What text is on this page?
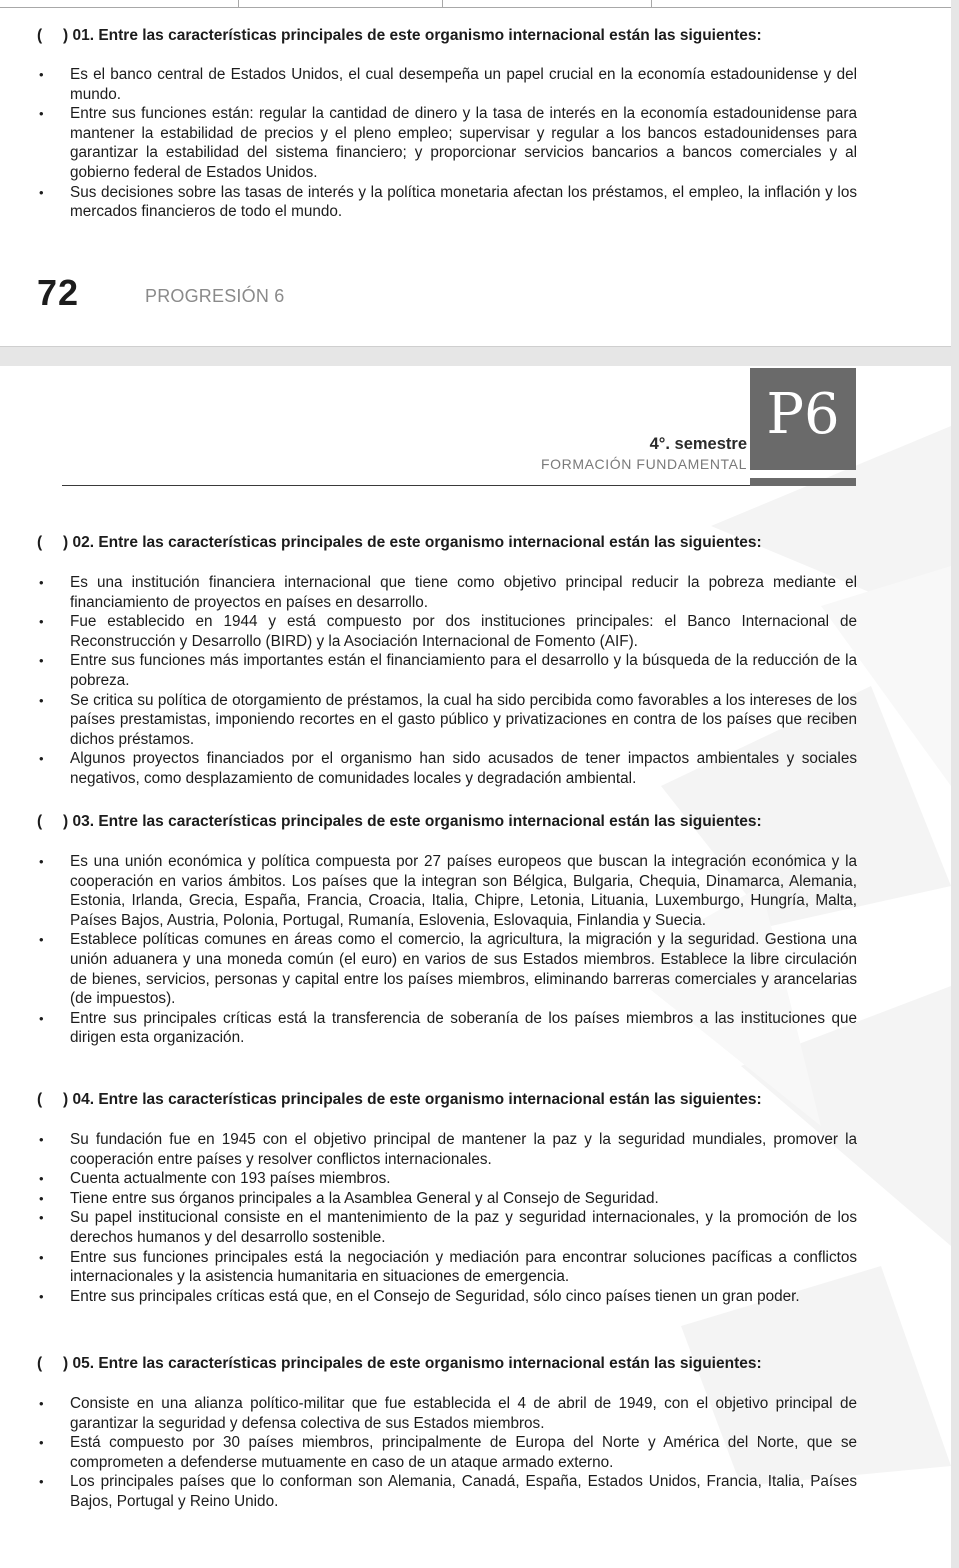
( ) 01. Entre las características principales de este organismo internacional están las siguientes:

• Es el banco central de Estados Unidos, el cual desempeña un papel crucial en la economía estadounidense y del mundo.
• Entre sus funciones están: regular la cantidad de dinero y la tasa de interés en la economía estadounidense para mantener la estabilidad de precios y el pleno empleo; supervisar y regular a los bancos estadounidenses para garantizar la estabilidad del sistema financiero; y proporcionar servicios bancarios a bancos comerciales y al gobierno federal de Estados Unidos.
• Sus decisiones sobre las tasas de interés y la política monetaria afectan los préstamos, el empleo, la inflación y los mercados financieros de todo el mundo.
72	PROGRESIÓN 6
P6
4°. semestre
FORMACIÓN FUNDAMENTAL

( ) 02. Entre las características principales de este organismo internacional están las siguientes:

• Es una institución financiera internacional que tiene como objetivo principal reducir la pobreza mediante el financiamiento de proyectos en países en desarrollo.
• Fue establecido en 1944 y está compuesto por dos instituciones principales: el Banco Internacional de Reconstrucción y Desarrollo (BIRD) y la Asociación Internacional de Fomento (AIF).
• Entre sus funciones más importantes están el financiamiento para el desarrollo y la búsqueda de la reducción de la pobreza.
• Se critica su política de otorgamiento de préstamos, la cual ha sido percibida como favorables a los intereses de los países prestamistas, imponiendo recortes en el gasto público y privatizaciones en contra de los países que reciben dichos préstamos.
• Algunos proyectos financiados por el organismo han sido acusados de tener impactos ambientales y sociales negativos, como desplazamiento de comunidades locales y degradación ambiental.

( ) 03. Entre las características principales de este organismo internacional están las siguientes:

• Es una unión económica y política compuesta por 27 países europeos que buscan la integración económica y la cooperación en varios ámbitos. Los países que la integran son Bélgica, Bulgaria, Chequia, Dinamarca, Alemania, Estonia, Irlanda, Grecia, España, Francia, Croacia, Italia, Chipre, Letonia, Lituania, Luxemburgo, Hungría, Malta, Países Bajos, Austria, Polonia, Portugal, Rumanía, Eslovenia, Eslovaquia, Finlandia y Suecia.
• Establece políticas comunes en áreas como el comercio, la agricultura, la migración y la seguridad. Gestiona una unión aduanera y una moneda común (el euro) en varios de sus Estados miembros. Establece la libre circulación de bienes, servicios, personas y capital entre los países miembros, eliminando barreras comerciales y arancelarias (de impuestos).
• Entre sus principales críticas está la transferencia de soberanía de los países miembros a las instituciones que dirigen esta organización.

( ) 04. Entre las características principales de este organismo internacional están las siguientes:

• Su fundación fue en 1945 con el objetivo principal de mantener la paz y la seguridad mundiales, promover la cooperación entre países y resolver conflictos internacionales.
• Cuenta actualmente con 193 países miembros.
• Tiene entre sus órganos principales a la Asamblea General y al Consejo de Seguridad.
• Su papel institucional consiste en el mantenimiento de la paz y seguridad internacionales, y la promoción de los derechos humanos y del desarrollo sostenible.
• Entre sus funciones principales está la negociación y mediación para encontrar soluciones pacíficas a conflictos internacionales y la asistencia humanitaria en situaciones de emergencia.
• Entre sus principales críticas está que, en el Consejo de Seguridad, sólo cinco países tienen un gran poder.

( ) 05. Entre las características principales de este organismo internacional están las siguientes:

• Consiste en una alianza político-militar que fue establecida el 4 de abril de 1949, con el objetivo principal de garantizar la seguridad y defensa colectiva de sus Estados miembros.
• Está compuesto por 30 países miembros, principalmente de Europa del Norte y América del Norte, que se comprometen a defenderse mutuamente en caso de un ataque armado externo.
• Los principales países que lo conforman son Alemania, Canadá, España, Estados Unidos, Francia, Italia, Países Bajos, Portugal y Reino Unido.
